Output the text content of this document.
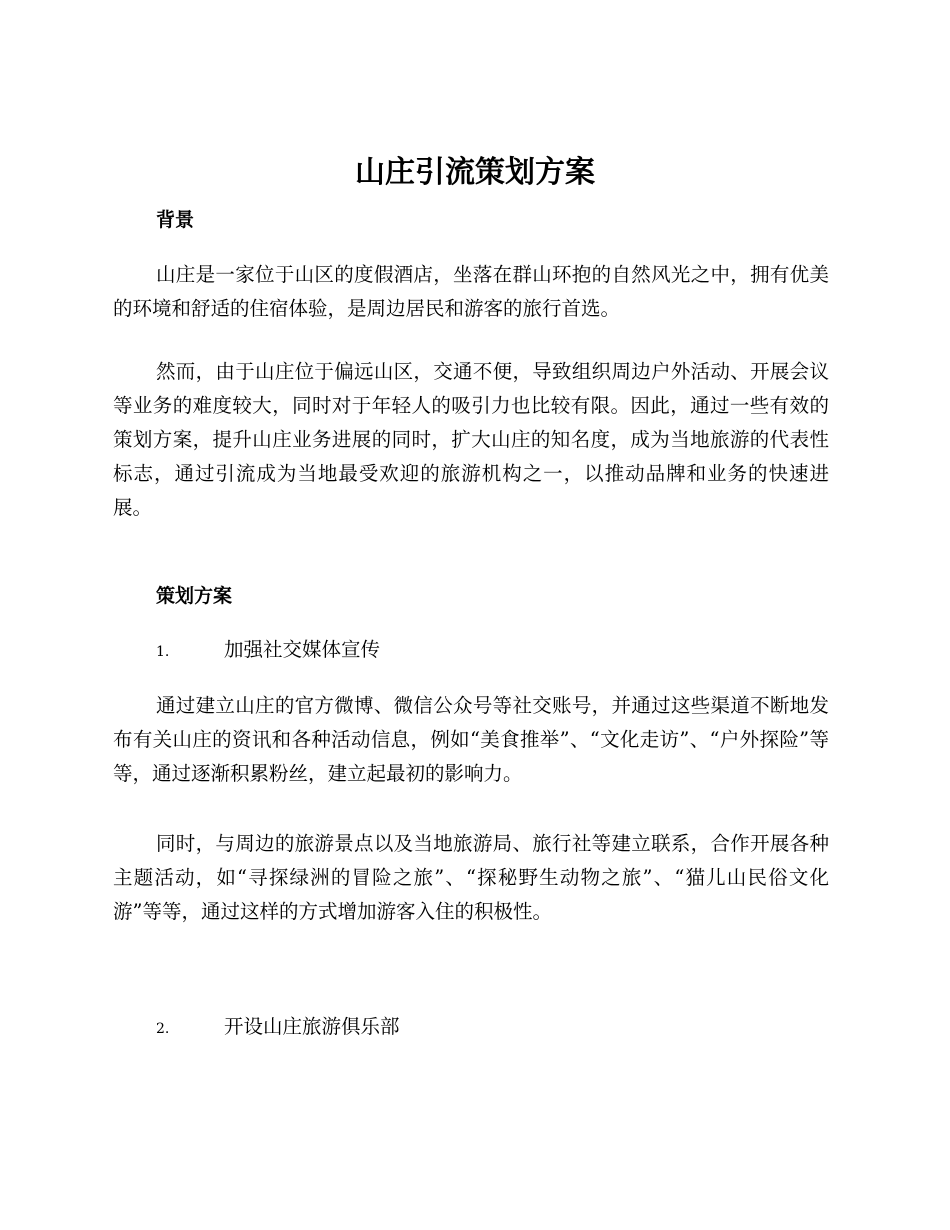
山庄引流策划方案
背景

山庄是一家位于山区的度假酒店，坐落在群山环抱的自然风光之中，拥有优美的环境和舒适的住宿体验，是周边居民和游客的旅行首选。

然而，由于山庄位于偏远山区，交通不便，导致组织周边户外活动、开展会议等业务的难度较大，同时对于年轻人的吸引力也比较有限。因此，通过一些有效的策划方案，提升山庄业务进展的同时，扩大山庄的知名度，成为当地旅游的代表性标志，通过引流成为当地最受欢迎的旅游机构之一，以推动品牌和业务的快速进展。

策划方案
1.	加强社交媒体宣传

通过建立山庄的官方微博、微信公众号等社交账号，并通过这些渠道不断地发布有关山庄的资讯和各种活动信息，例如“美食推举”、“文化走访”、“户外探险”等等，通过逐渐积累粉丝，建立起最初的影响力。

同时，与周边的旅游景点以及当地旅游局、旅行社等建立联系，合作开展各种主题活动，如“寻探绿洲的冒险之旅”、“探秘野生动物之旅”、“猫儿山民俗文化游”等等，通过这样的方式增加游客入住的积极性。

2.	开设山庄旅游俱乐部
